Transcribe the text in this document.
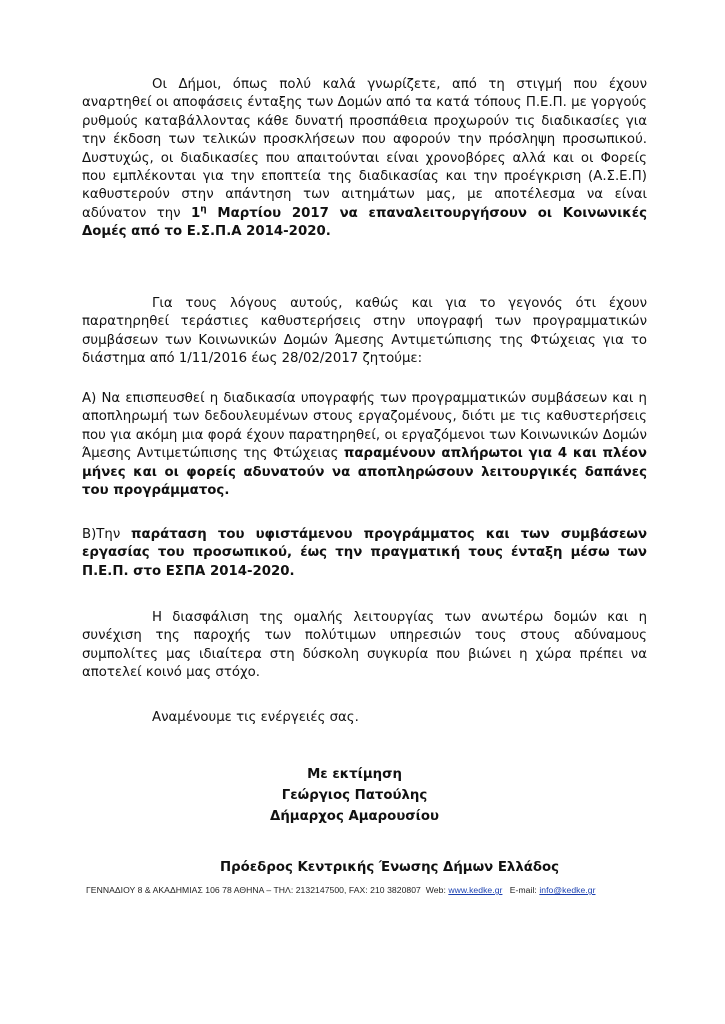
Οι Δήμοι, όπως πολύ καλά γνωρίζετε, από τη στιγμή που έχουν αναρτηθεί οι αποφάσεις ένταξης των Δομών από τα κατά τόπους Π.Ε.Π. με γοργούς ρυθμούς καταβάλλοντας κάθε δυνατή προσπάθεια προχωρούν τις διαδικασίες για την έκδοση των τελικών προσκλήσεων που αφορούν την πρόσληψη προσωπικού. Δυστυχώς, οι διαδικασίες που απαιτούνται είναι χρονοβόρες αλλά και οι Φορείς που εμπλέκονται για την εποπτεία της διαδικασίας και την προέγκριση (Α.Σ.Ε.Π) καθυστερούν στην απάντηση των αιτημάτων μας, με αποτέλεσμα να είναι αδύνατον την $1^\eta$ Μαρτίου 2017 να επαναλειτουργήσουν οι Κοινωνικές Δομές από το Ε.Σ.Π.Α 2014-2020.

Για τους λόγους αυτούς, καθώς και για το γεγονός ότι έχουν παρατηρηθεί τεράστιες καθυστερήσεις στην υπογραφή των προγραμματικών συμβάσεων των Κοινωνικών Δομών Άμεσης Αντιμετώπισης της Φτώχειας για το διάστημα από 1/11/2016 έως 28/02/2017 ζητούμε:

Α) Να επισπευσθεί η διαδικασία υπογραφής των προγραμματικών συμβάσεων και η αποπληρωμή των δεδουλευμένων στους εργαζομένους, διότι με τις καθυστερήσεις που για ακόμη μια φορά έχουν παρατηρηθεί, οι εργαζόμενοι των Κοινωνικών Δομών Άμεσης Αντιμετώπισης της Φτώχειας παραμένουν απλήρωτοι για 4 και πλέον μήνες και οι φορείς αδυνατούν να αποπληρώσουν λειτουργικές δαπάνες του προγράμματος.

Β)Την παράταση του υφιστάμενου προγράμματος και των συμβάσεων εργασίας του προσωπικού, έως την πραγματική τους ένταξη μέσω των Π.Ε.Π. στο ΕΣΠΑ 2014-2020.

Η διασφάλιση της ομαλής λειτουργίας των ανωτέρω δομών και η συνέχιση της παροχής των πολύτιμων υπηρεσιών τους στους αδύναμους συμπολίτες μας ιδιαίτερα στη δύσκολη συγκυρία που βιώνει η χώρα πρέπει να αποτελεί κοινό μας στόχο.

Αναμένουμε τις ενέργειές σας.

Με εκτίμηση
Γεώργιος Πατούλης
Δήμαρχος Αμαρουσίου
Πρόεδρος Κεντρικής Ένωσης Δήμων Ελλάδος
ΓΕΝΝΑΔΙΟΥ 8 & ΑΚΑΔΗΜΙΑΣ 106 78 ΑΘΗΝΑ – ΤΗΛ: 2132147500, FAX: 210 3820807 Web: www.kedke.gr E-mail: info@kedke.gr
